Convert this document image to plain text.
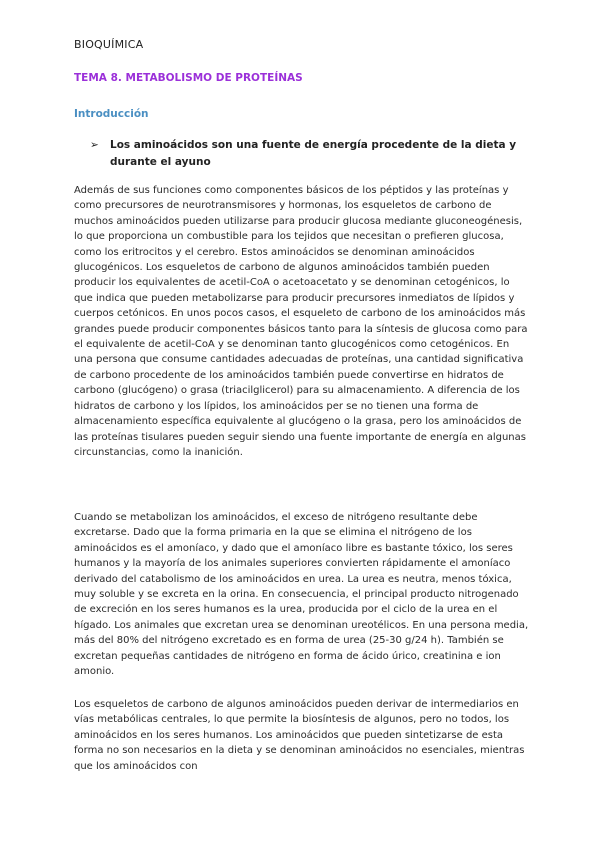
BIOQUÍMICA
TEMA 8. METABOLISMO DE PROTEÍNAS
Introducción
➢	Los aminoácidos son una fuente de energía procedente de la dieta y durante el ayuno

Además de sus funciones como componentes básicos de los péptidos y las proteínas y como precursores de neurotransmisores y hormonas, los esqueletos de carbono de muchos aminoácidos pueden utilizarse para producir glucosa mediante gluconeogénesis, lo que proporciona un combustible para los tejidos que necesitan o prefieren glucosa, como los eritrocitos y el cerebro. Estos aminoácidos se denominan aminoácidos glucogénicos. Los esqueletos de carbono de algunos aminoácidos también pueden producir los equivalentes de acetil-CoA o acetoacetato y se denominan cetogénicos, lo que indica que pueden metabolizarse para producir precursores inmediatos de lípidos y cuerpos cetónicos. En unos pocos casos, el esqueleto de carbono de los aminoácidos más grandes puede producir componentes básicos tanto para la síntesis de glucosa como para el equivalente de acetil-CoA y se denominan tanto glucogénicos como cetogénicos. En una persona que consume cantidades adecuadas de proteínas, una cantidad significativa de carbono procedente de los aminoácidos también puede convertirse en hidratos de carbono (glucógeno) o grasa (triacilglicerol) para su almacenamiento. A diferencia de los hidratos de carbono y los lípidos, los aminoácidos per se no tienen una forma de almacenamiento específica equivalente al glucógeno o la grasa, pero los aminoácidos de las proteínas tisulares pueden seguir siendo una fuente importante de energía en algunas circunstancias, como la inanición.

Cuando se metabolizan los aminoácidos, el exceso de nitrógeno resultante debe excretarse. Dado que la forma primaria en la que se elimina el nitrógeno de los aminoácidos es el amoníaco, y dado que el amoníaco libre es bastante tóxico, los seres humanos y la mayoría de los animales superiores convierten rápidamente el amoníaco derivado del catabolismo de los aminoácidos en urea. La urea es neutra, menos tóxica, muy soluble y se excreta en la orina. En consecuencia, el principal producto nitrogenado de excreción en los seres humanos es la urea, producida por el ciclo de la urea en el hígado. Los animales que excretan urea se denominan ureotélicos. En una persona media, más del 80% del nitrógeno excretado es en forma de urea (25-30 g/24 h). También se excretan pequeñas cantidades de nitrógeno en forma de ácido úrico, creatinina e ion amonio.

Los esqueletos de carbono de algunos aminoácidos pueden derivar de intermediarios en vías metabólicas centrales, lo que permite la biosíntesis de algunos, pero no todos, los aminoácidos en los seres humanos. Los aminoácidos que pueden sintetizarse de esta forma no son necesarios en la dieta y se denominan aminoácidos no esenciales, mientras que los aminoácidos con
